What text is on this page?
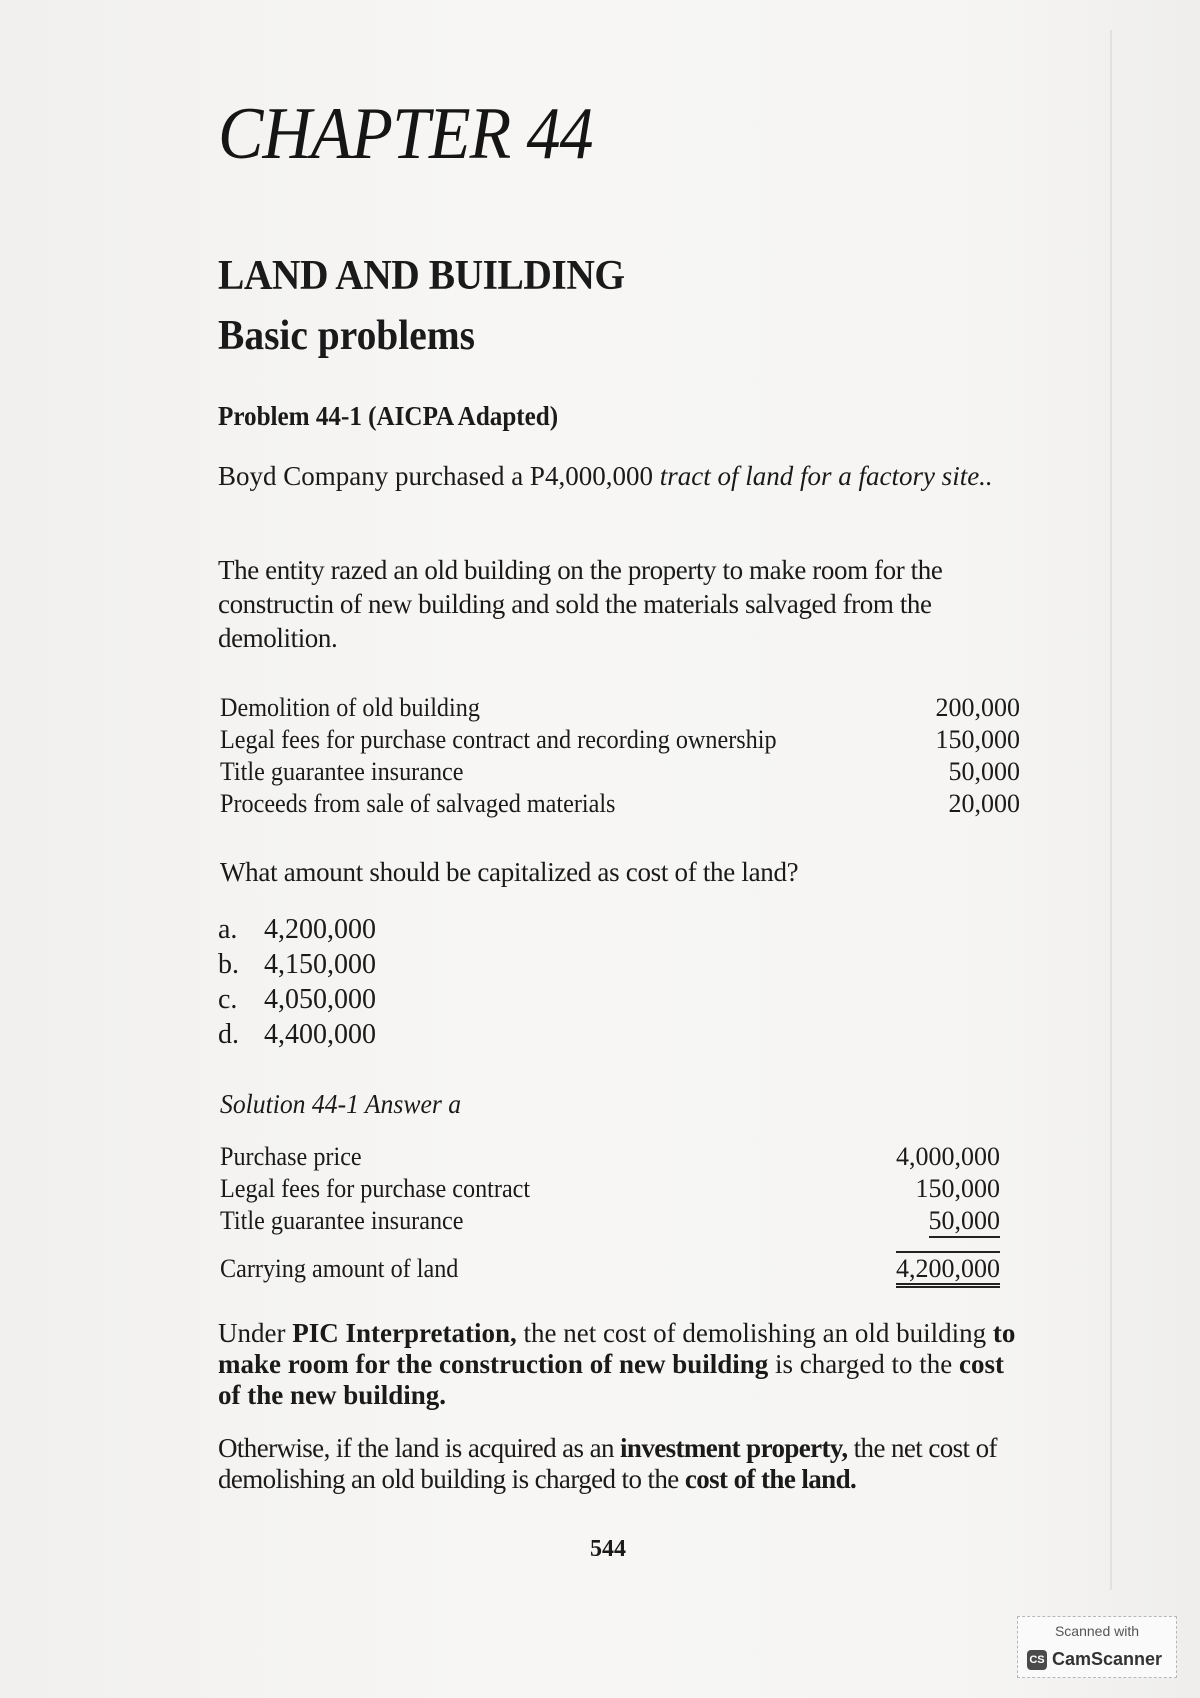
CHAPTER 44
LAND AND BUILDING
Basic problems
Problem 44-1 (AICPA Adapted)
Boyd Company purchased a P4,000,000 tract of land for a factory site..
The entity razed an old building on the property to make room for the constructin of new building and sold the materials salvaged from the demolition.
Demolition of old building	200,000
Legal fees for purchase contract and recording ownership	150,000
Title guarantee insurance	50,000
Proceeds from sale of salvaged materials	20,000
What amount should be capitalized as cost of the land?
a. 4,200,000
b. 4,150,000
c. 4,050,000
d. 4,400,000
Solution 44-1 Answer a
Purchase price	4,000,000
Legal fees for purchase contract	150,000
Title guarantee insurance	50,000
Carrying amount of land	4,200,000
Under PIC Interpretation, the net cost of demolishing an old building to make room for the construction of new building is charged to the cost of the new building.
Otherwise, if the land is acquired as an investment property, the net cost of demolishing an old building is charged to the cost of the land.
544
Scanned with
CS CamScanner
